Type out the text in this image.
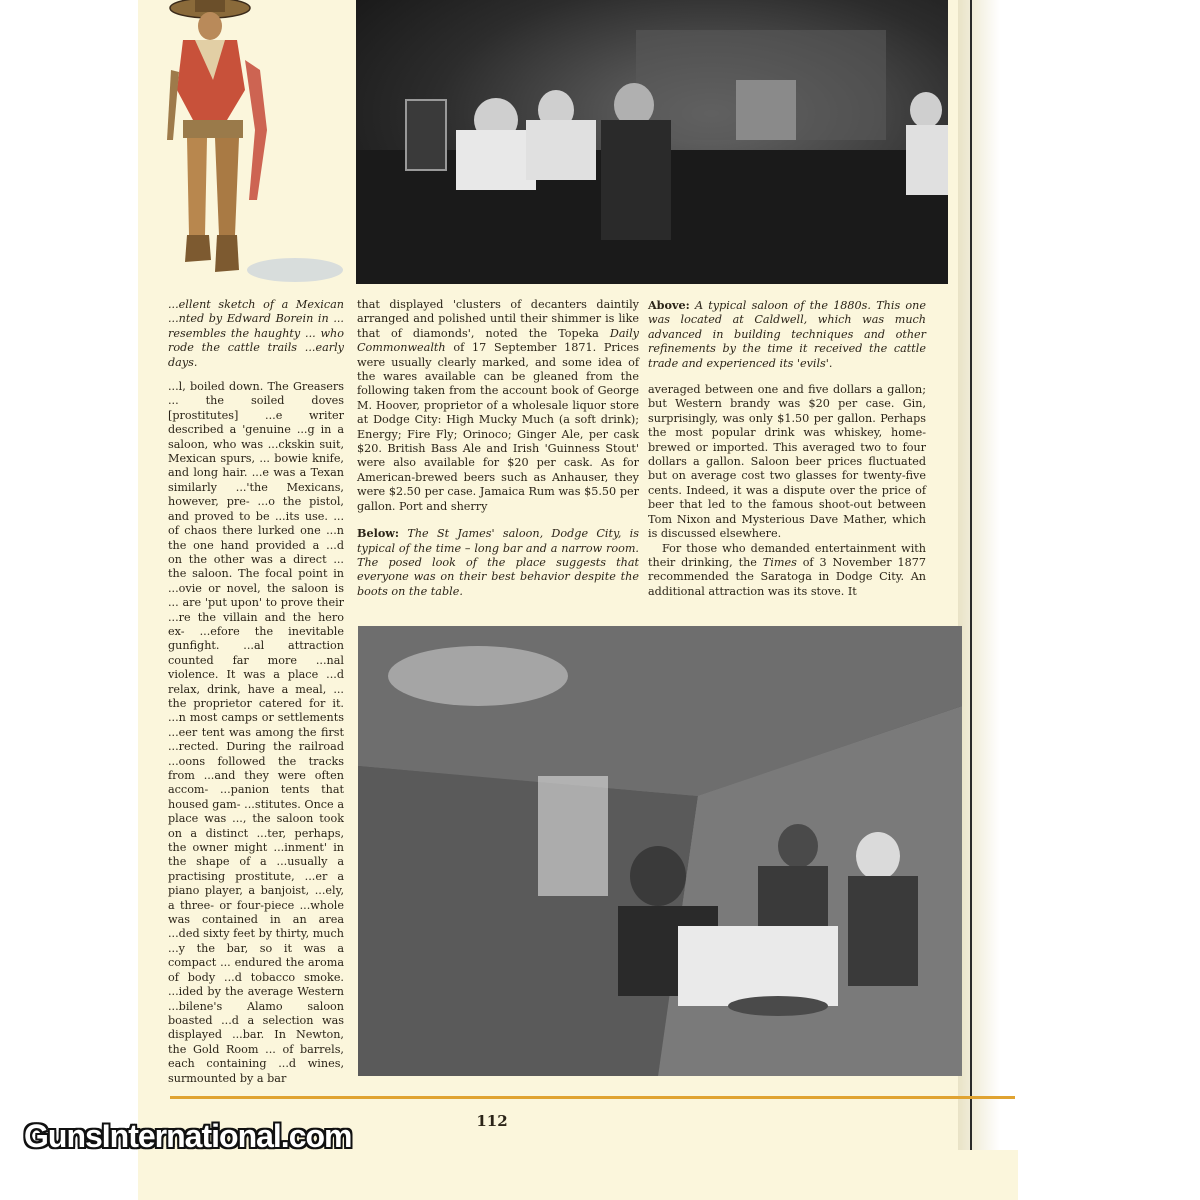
...ellent sketch of a Mexican ...nted by Edward Borein in ... resembles the haughty ... who rode the cattle trails ...early days.

...l, boiled down. The Greasers ... the soiled doves [prostitutes] ...e writer described a 'genuine ...g in a saloon, who was ...ckskin suit, Mexican spurs, ... bowie knife, and long hair. ...e was a Texan similarly ...'the Mexicans, however, pre- ...o the pistol, and proved to be ...its use. ... of chaos there lurked one ...n the one hand provided a ...d on the other was a direct ... the saloon. The focal point in ...ovie or novel, the saloon is ... are 'put upon' to prove their ...re the villain and the hero ex- ...efore the inevitable gunfight. ...al attraction counted far more ...nal violence. It was a place ...d relax, drink, have a meal, ... the proprietor catered for it. ...n most camps or settlements ...eer tent was among the first ...rected. During the railroad ...oons followed the tracks from ...and they were often accom- ...panion tents that housed gam- ...stitutes. Once a place was ..., the saloon took on a distinct ...ter, perhaps, the owner might ...inment' in the shape of a ...usually a practising prostitute, ...er a piano player, a banjoist, ...ely, a three- or four-piece ...whole was contained in an area ...ded sixty feet by thirty, much ...y the bar, so it was a compact ... endured the aroma of body ...d tobacco smoke. ...ided by the average Western ...bilene's Alamo saloon boasted ...d a selection was displayed ...bar. In Newton, the Gold Room ... of barrels, each containing ...d wines, surmounted by a bar

that displayed 'clusters of decanters daintily arranged and polished until their shimmer is like that of diamonds', noted the Topeka Daily Commonwealth of 17 September 1871. Prices were usually clearly marked, and some idea of the wares available can be gleaned from the following taken from the account book of George M. Hoover, proprietor of a wholesale liquor store at Dodge City: High Mucky Much (a soft drink); Energy; Fire Fly; Orinoco; Ginger Ale, per cask $20. British Bass Ale and Irish 'Guinness Stout' were also available for $20 per cask. As for American-brewed beers such as Anhauser, they were $2.50 per case. Jamaica Rum was $5.50 per gallon. Port and sherry

Below: The St James' saloon, Dodge City, is typical of the time – long bar and a narrow room. The posed look of the place suggests that everyone was on their best behavior despite the boots on the table.

Above: A typical saloon of the 1880s. This one was located at Caldwell, which was much advanced in building techniques and other refinements by the time it received the cattle trade and experienced its 'evils'.

averaged between one and five dollars a gallon; but Western brandy was $20 per case. Gin, surprisingly, was only $1.50 per gallon. Perhaps the most popular drink was whiskey, home-brewed or imported. This averaged two to four dollars a gallon. Saloon beer prices fluctuated but on average cost two glasses for twenty-five cents. Indeed, it was a dispute over the price of beer that led to the famous shoot-out between Tom Nixon and Mysterious Dave Mather, which is discussed elsewhere.

For those who demanded entertainment with their drinking, the Times of 3 November 1877 recommended the Saratoga in Dodge City. An additional attraction was its stove. It

112
GunsInternational.com
